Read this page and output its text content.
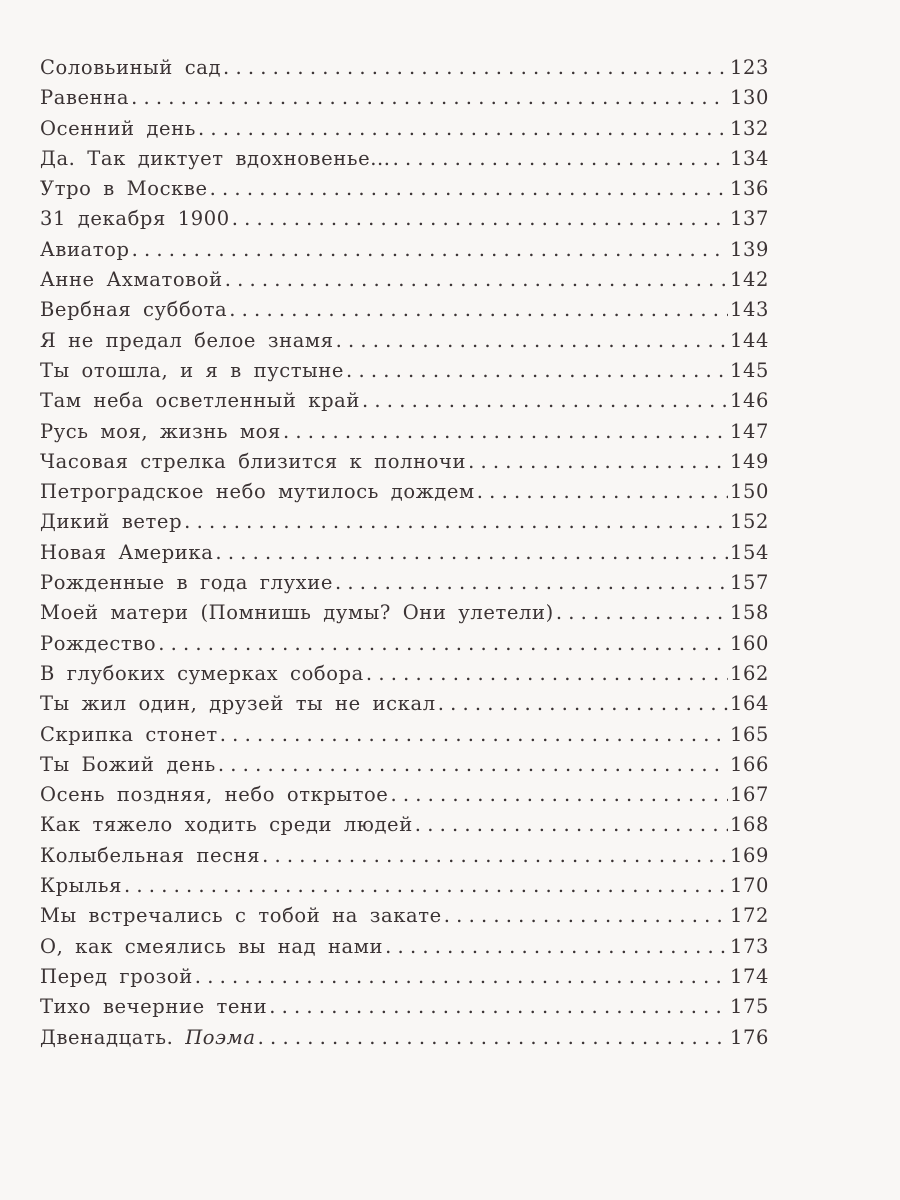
Соловьиный сад . . .	123
Равенна . . .	130
Осенний день . . .	132
Да. Так диктует вдохновенье... . . .	134
Утро в Москве . . .	136
31 декабря 1900 . . .	137
Авиатор . . .	139
Анне Ахматовой . . .	142
Вербная суббота . . .	143
Я не предал белое знамя . . .	144
Ты отошла, и я в пустыне . . .	145
Там неба осветленный край . . .	146
Русь моя, жизнь моя . . .	147
Часовая стрелка близится к полночи . . .	149
Петроградское небо мутилось дождем . . .	150
Дикий ветер . . .	152
Новая Америка . . .	154
Рожденные в года глухие . . .	157
Моей матери (Помнишь думы? Они улетели) . . .	158
Рождество . . .	160
В глубоких сумерках собора . . .	162
Ты жил один, друзей ты не искал . . .	164
Скрипка стонет . . .	165
Ты Божий день . . .	166
Осень поздняя, небо открытое . . .	167
Как тяжело ходить среди людей . . .	168
Колыбельная песня . . .	169
Крылья . . .	170
Мы встречались с тобой на закате . . .	172
О, как смеялись вы над нами . . .	173
Перед грозой . . .	174
Тихо вечерние тени . . .	175
Двенадцать. Поэма . . .	176
